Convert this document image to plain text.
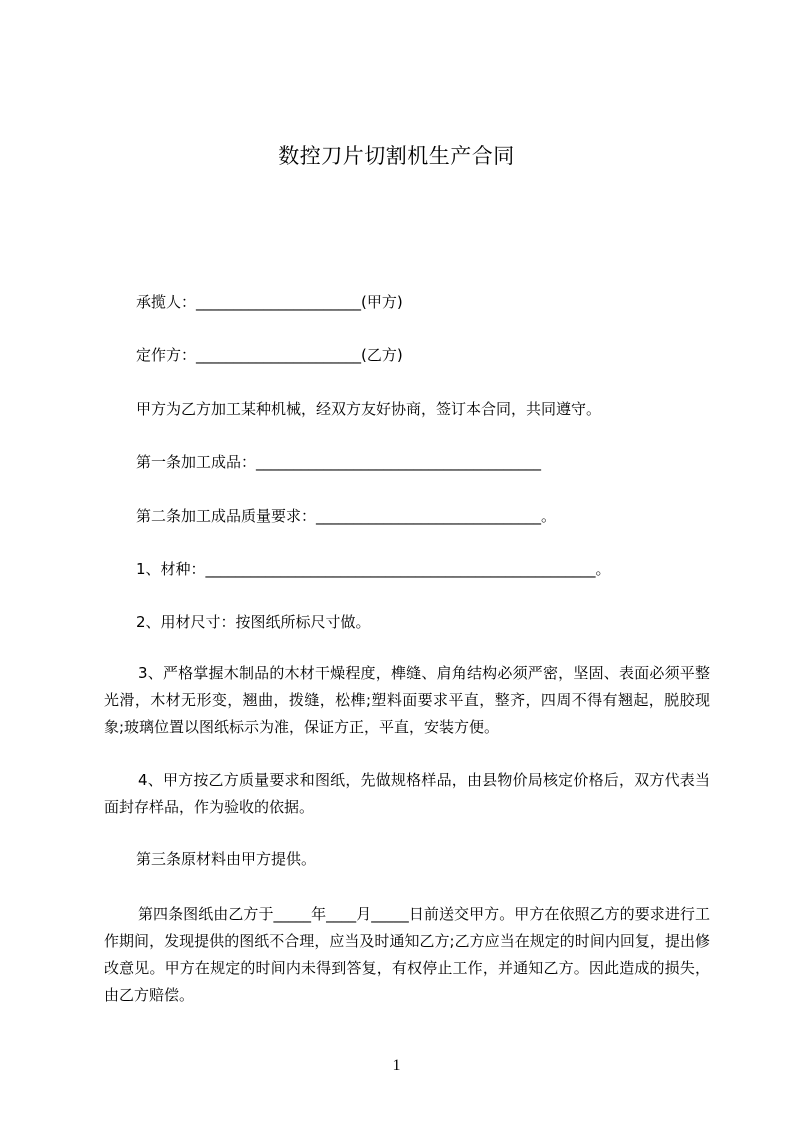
数控刀片切割机生产合同
承揽人：______________________(甲方)
定作方：______________________(乙方)
甲方为乙方加工某种机械，经双方友好协商，签订本合同，共同遵守。
第一条加工成品：______________________________________
第二条加工成品质量要求：______________________________。
1、材种：____________________________________________________。
2、用材尺寸：按图纸所标尺寸做。
3、严格掌握木制品的木材干燥程度，榫缝、肩角结构必须严密，坚固、表面必须平整光滑，木材无形变，翘曲，拨缝，松榫;塑料面要求平直，整齐，四周不得有翘起，脱胶现象;玻璃位置以图纸标示为准，保证方正，平直，安装方便。
4、甲方按乙方质量要求和图纸，先做规格样品，由县物价局核定价格后，双方代表当面封存样品，作为验收的依据。
第三条原材料由甲方提供。
第四条图纸由乙方于_____年____月_____日前送交甲方。甲方在依照乙方的要求进行工作期间，发现提供的图纸不合理，应当及时通知乙方;乙方应当在规定的时间内回复，提出修改意见。甲方在规定的时间内未得到答复，有权停止工作，并通知乙方。因此造成的损失，由乙方赔偿。
1
